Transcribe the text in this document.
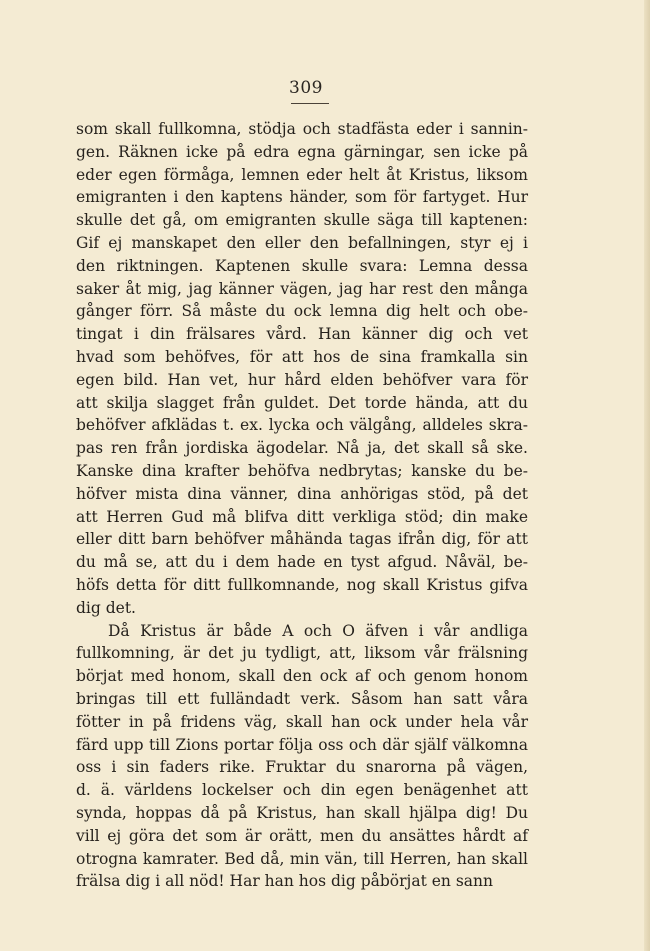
309
som skall fullkomna, stödja och stadfästa eder i sannin-
gen. Räknen icke på edra egna gärningar, sen icke på
eder egen förmåga, lemnen eder helt åt Kristus, liksom
emigranten i den kaptens händer, som för fartyget. Hur
skulle det gå, om emigranten skulle säga till kaptenen:
Gif ej manskapet den eller den befallningen, styr ej i
den riktningen. Kaptenen skulle svara: Lemna dessa
saker åt mig, jag känner vägen, jag har rest den många
gånger förr. Så måste du ock lemna dig helt och obe-
tingat i din frälsares vård. Han känner dig och vet
hvad som behöfves, för att hos de sina framkalla sin
egen bild. Han vet, hur hård elden behöfver vara för
att skilja slagget från guldet. Det torde hända, att du
behöfver afklädas t. ex. lycka och välgång, alldeles skra-
pas ren från jordiska ägodelar. Nå ja, det skall så ske.
Kanske dina krafter behöfva nedbrytas; kanske du be-
höfver mista dina vänner, dina anhörigas stöd, på det
att Herren Gud må blifva ditt verkliga stöd; din make
eller ditt barn behöfver måhända tagas ifrån dig, för att
du må se, att du i dem hade en tyst afgud. Nåväl, be-
höfs detta för ditt fullkomnande, nog skall Kristus gifva
dig det.
Då Kristus är både A och O äfven i vår andliga
fullkomning, är det ju tydligt, att, liksom vår frälsning
börjat med honom, skall den ock af och genom honom
bringas till ett fulländadt verk. Såsom han satt våra
fötter in på fridens väg, skall han ock under hela vår
färd upp till Zions portar följa oss och där själf välkomna
oss i sin faders rike. Fruktar du snarorna på vägen,
d. ä. världens lockelser och din egen benägenhet att
synda, hoppas då på Kristus, han skall hjälpa dig! Du
vill ej göra det som är orätt, men du ansättes hårdt af
otrogna kamrater. Bed då, min vän, till Herren, han skall
frälsa dig i all nöd! Har han hos dig påbörjat en sann
